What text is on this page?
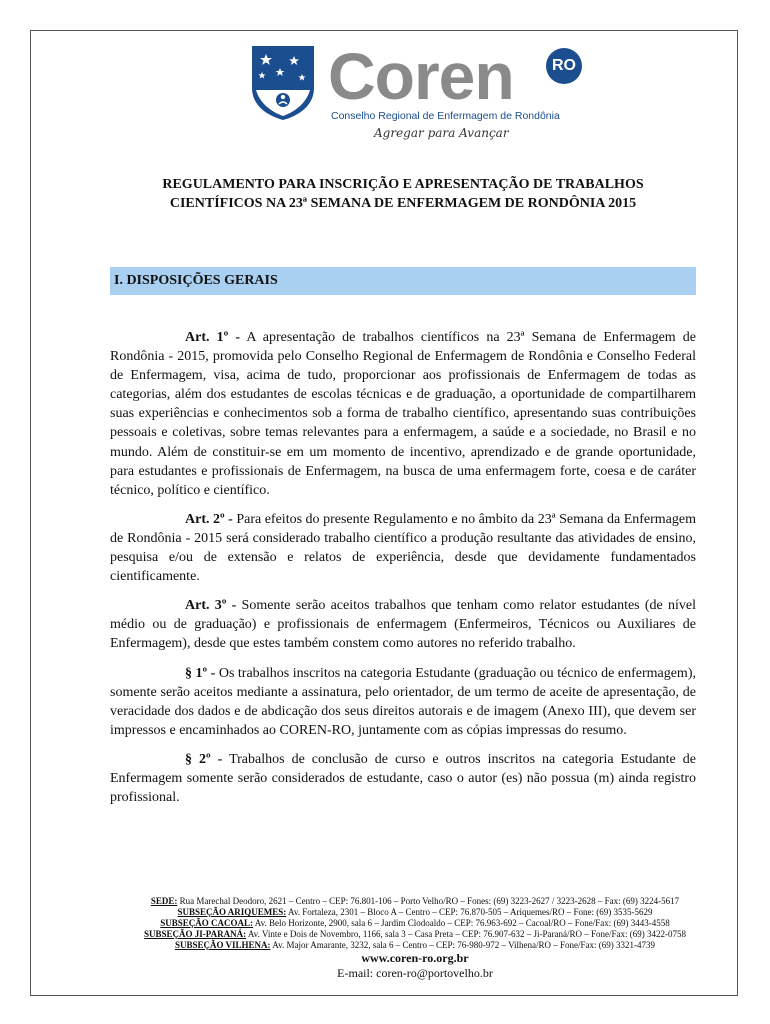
Coren	RO
Conselho Regional de Enfermagem de Rondônia
Agregar para Avançar
REGULAMENTO PARA INSCRIÇÃO E APRESENTAÇÃO DE TRABALHOS
CIENTÍFICOS NA 23ª SEMANA DE ENFERMAGEM DE RONDÔNIA 2015
I. DISPOSIÇÕES GERAIS

Art. 1º - A apresentação de trabalhos científicos na 23ª Semana de Enfermagem de Rondônia - 2015, promovida pelo Conselho Regional de Enfermagem de Rondônia e Conselho Federal de Enfermagem, visa, acima de tudo, proporcionar aos profissionais de Enfermagem de todas as categorias, além dos estudantes de escolas técnicas e de graduação, a oportunidade de compartilharem suas experiências e conhecimentos sob a forma de trabalho científico, apresentando suas contribuições pessoais e coletivas, sobre temas relevantes para a enfermagem, a saúde e a sociedade, no Brasil e no mundo. Além de constituir-se em um momento de incentivo, aprendizado e de grande oportunidade, para estudantes e profissionais de Enfermagem, na busca de uma enfermagem forte, coesa e de caráter técnico, político e científico.

Art. 2º - Para efeitos do presente Regulamento e no âmbito da 23ª Semana da Enfermagem de Rondônia - 2015 será considerado trabalho científico a produção resultante das atividades de ensino, pesquisa e/ou de extensão e relatos de experiência, desde que devidamente fundamentados cientificamente.

Art. 3º - Somente serão aceitos trabalhos que tenham como relator estudantes (de nível médio ou de graduação) e profissionais de enfermagem (Enfermeiros, Técnicos ou Auxiliares de Enfermagem), desde que estes também constem como autores no referido trabalho.

§ 1º - Os trabalhos inscritos na categoria Estudante (graduação ou técnico de enfermagem), somente serão aceitos mediante a assinatura, pelo orientador, de um termo de aceite de apresentação, de veracidade dos dados e de abdicação dos seus direitos autorais e de imagem (Anexo III), que devem ser impressos e encaminhados ao COREN-RO, juntamente com as cópias impressas do resumo.

§ 2º - Trabalhos de conclusão de curso e outros inscritos na categoria Estudante de Enfermagem somente serão considerados de estudante, caso o autor (es) não possua (m) ainda registro profissional.

SEDE: Rua Marechal Deodoro, 2621 – Centro – CEP: 76.801-106 – Porto Velho/RO – Fones: (69) 3223-2627 / 3223-2628 – Fax: (69) 3224-5617
SUBSEÇÃO ARIQUEMES: Av. Fortaleza, 2301 – Bloco A – Centro – CEP: 76.870-505 – Ariquemes/RO – Fone: (69) 3535-5629
SUBSEÇÃO CACOAL: Av. Belo Horizonte, 2900, sala 6 – Jardim Clodoaldo – CEP: 76.963-692 – Cacoal/RO – Fone/Fax: (69) 3443-4558
SUBSEÇÃO JI-PARANÁ: Av. Vinte e Dois de Novembro, 1166, sala 3 – Casa Preta – CEP: 76.907-632 – Ji-Paraná/RO – Fone/Fax: (69) 3422-0758
SUBSEÇÃO VILHENA: Av. Major Amarante, 3232, sala 6 – Centro – CEP: 76-980-972 – Vilhena/RO – Fone/Fax: (69) 3321-4739
www.coren-ro.org.br
E-mail: coren-ro@portovelho.br
